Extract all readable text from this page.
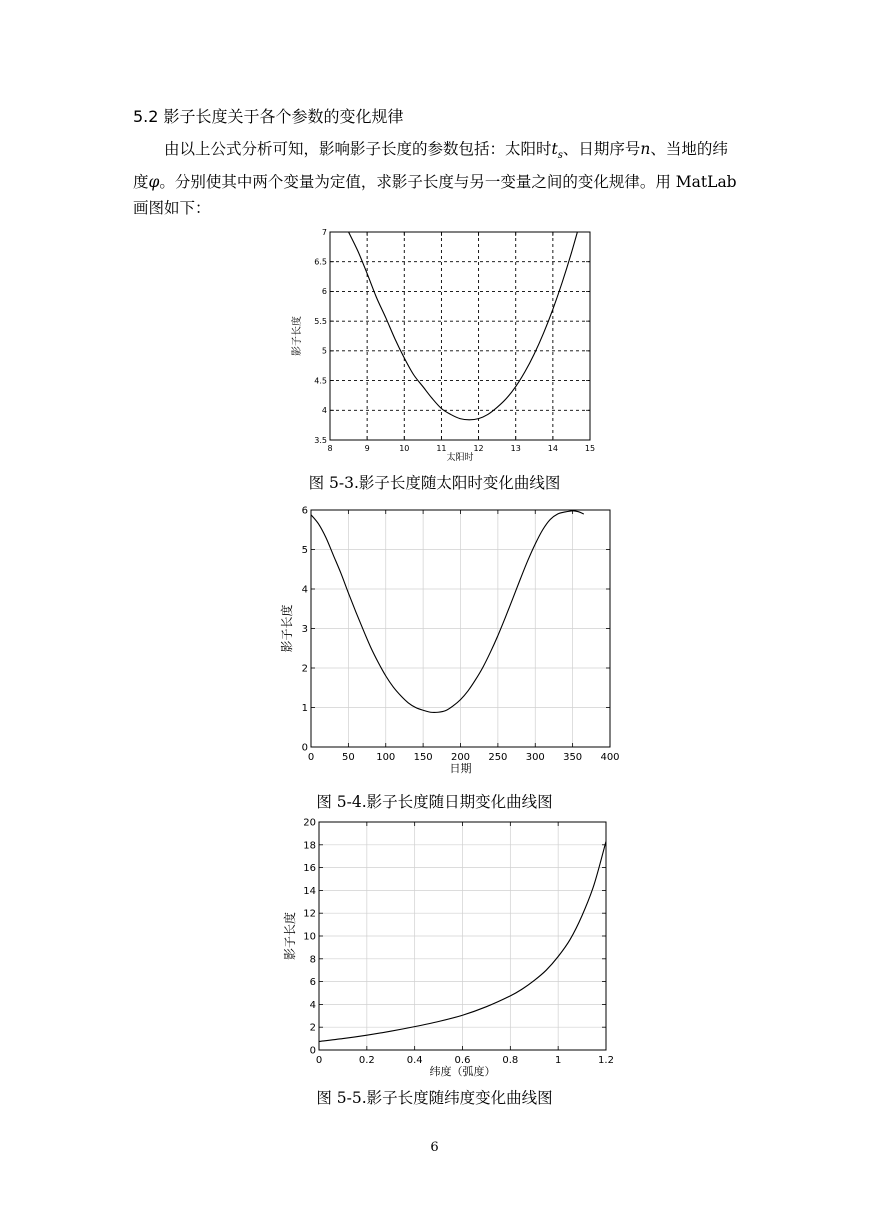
5.2 影子长度关于各个参数的变化规律

由以上公式分析可知，影响影子长度的参数包括：太阳时$t_s$、日期序号n、当地的纬度φ。分别使其中两个变量为定值，求影子长度与另一变量之间的变化规律。用 MatLab 画图如下：

8	9	10	11	12	13	14	15
3.5
4
4.5
5
5.5
6
6.5
7
太阳时
影子长度
图 5-3.影子长度随太阳时变化曲线图
0	50 100 150 200 250 300 350 400
0
1
2
3
4
5
6
日期
影子长度
图 5-4.影子长度随日期变化曲线图
0	0.2	0.4	0.6	0.8	1	1.2
0
2
4
6
8
10
12
14
16
18
20
纬度（弧度）
影子长度
图 5-5.影子长度随纬度变化曲线图
6
